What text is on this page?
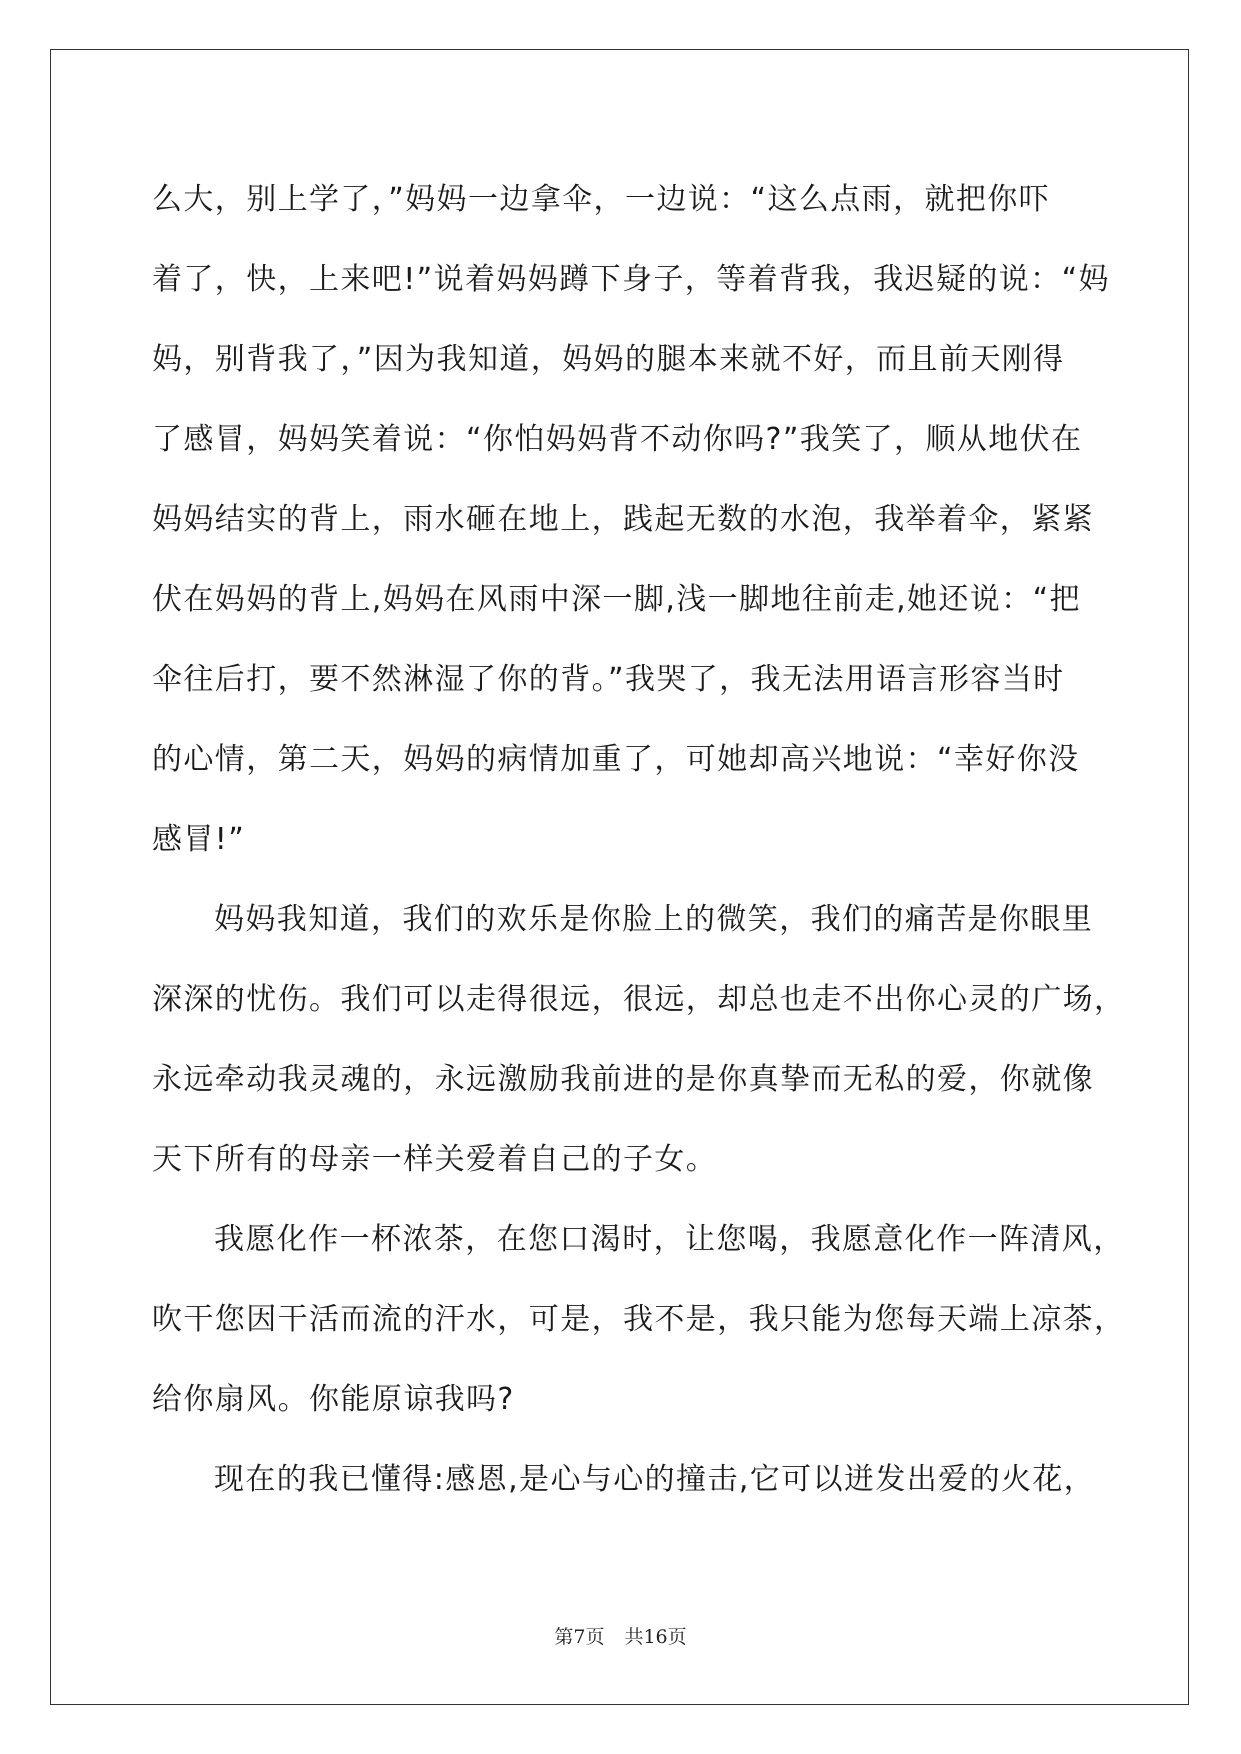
么大，别上学了，”妈妈一边拿伞，一边说：“这么点雨，就把你吓
着了，快，上来吧!”说着妈妈蹲下身子，等着背我，我迟疑的说：“妈
妈，别背我了，”因为我知道，妈妈的腿本来就不好，而且前天刚得
了感冒，妈妈笑着说：“你怕妈妈背不动你吗?”我笑了，顺从地伏在
妈妈结实的背上，雨水砸在地上，践起无数的水泡，我举着伞，紧紧
伏在妈妈的背上,妈妈在风雨中深一脚,浅一脚地往前走,她还说：“把
伞往后打，要不然淋湿了你的背。”我哭了，我无法用语言形容当时
的心情，第二天，妈妈的病情加重了，可她却高兴地说：“幸好你没
感冒!”
妈妈我知道，我们的欢乐是你脸上的微笑，我们的痛苦是你眼里
深深的忧伤。我们可以走得很远，很远，却总也走不出你心灵的广场，
永远牵动我灵魂的，永远激励我前进的是你真挚而无私的爱，你就像
天下所有的母亲一样关爱着自己的子女。
我愿化作一杯浓茶，在您口渴时，让您喝，我愿意化作一阵清风，
吹干您因干活而流的汗水，可是，我不是，我只能为您每天端上凉茶，
给你扇风。你能原谅我吗?
现在的我已懂得:感恩,是心与心的撞击,它可以迸发出爱的火花，
第7页 共16页
